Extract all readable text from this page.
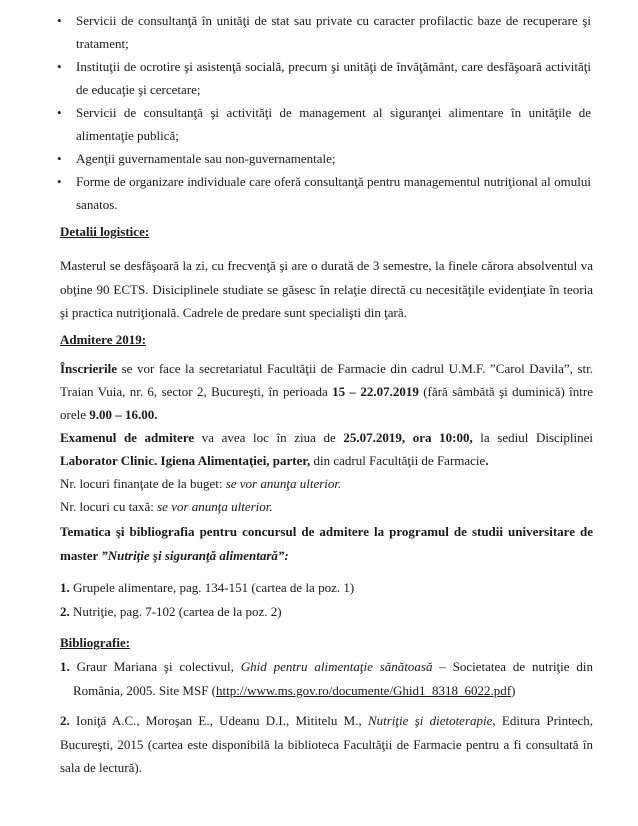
• Servicii de consultanţă în unităţi de stat sau private cu caracter profilactic baze de recuperare şi tratament;
• Instituţii de ocrotire şi asistenţă socială, precum şi unităţi de învăţământ, care desfăşoară activităţi de educaţie şi cercetare;
• Servicii de consultanţă şi activităţi de management al siguranţei alimentare în unităţile de alimentaţie publică;
• Agenţii guvernamentale sau non-guvernamentale;
• Forme de organizare individuale care oferă consultanţă pentru managementul nutriţional al omului sanatos.
Detalii logistice:
Masterul se desfăşoară la zi, cu frecvenţă şi are o durată de 3 semestre, la finele cărora absolventul va obţine 90 ECTS. Disiciplinele studiate se găsesc în relaţie directă cu necesităţile evidenţiate în teoria şi practica nutriţională. Cadrele de predare sunt specialişti din ţară.
Admitere 2019:
Înscrierile se vor face la secretariatul Facultăţii de Farmacie din cadrul U.M.F. ”Carol Davila”, str. Traian Vuia, nr. 6, sector 2, Bucureşti, în perioada 15 – 22.07.2019 (fără sâmbătă şi duminică) între orele 9.00 – 16.00.
Examenul de admitere va avea loc în ziua de 25.07.2019, ora 10:00, la sediul Disciplinei Laborator Clinic. Igiena Alimentaţiei, parter, din cadrul Facultăţii de Farmacie.
Nr. locuri finanţate de la buget: se vor anunţa ulterior.
Nr. locuri cu taxă: se vor anunţa ulterior.
Tematica şi bibliografia pentru concursul de admitere la programul de studii universitare de master ”Nutriţie şi siguranţă alimentară”:
1. Grupele alimentare, pag. 134-151 (cartea de la poz. 1)
2. Nutriţie, pag. 7-102 (cartea de la poz. 2)
Bibliografie:
1. Graur Mariana şi colectivul, Ghid pentru alimentaţie sănătoasă – Societatea de nutriţie din România, 2005. Site MSF (http://www.ms.gov.ro/documente/Ghid1_8318_6022.pdf)
2. Ioniţă A.C., Moroşan E., Udeanu D.I., Mititelu M., Nutriţie şi dietoterapie, Editura Printech, Bucureşti, 2015 (cartea este disponibilă la biblioteca Facultăţii de Farmacie pentru a fi consultată în sala de lectură).
